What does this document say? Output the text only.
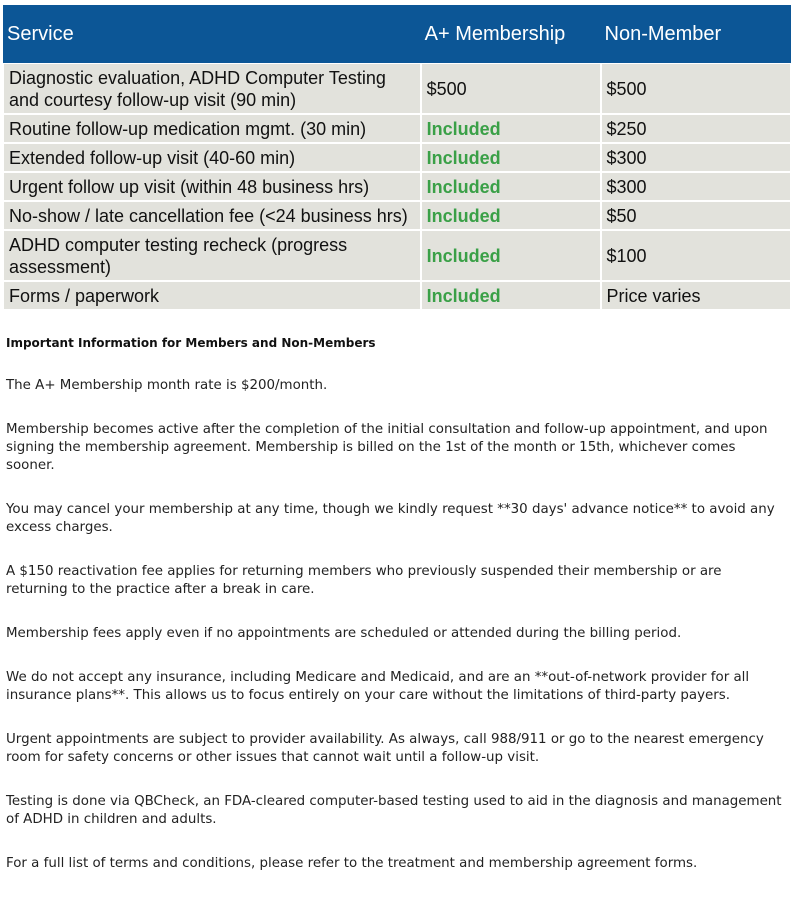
Service	A+ Membership	Non-Member
Diagnostic evaluation, ADHD Computer Testing and courtesy follow-up visit (90 min)	$500	$500
Routine follow-up medication mgmt. (30 min)	Included	$250
Extended follow-up visit (40-60 min)	Included	$300
Urgent follow up visit (within 48 business hrs)	Included	$300
No-show / late cancellation fee (<24 business hrs)	Included	$50
ADHD computer testing recheck (progress assessment)	Included	$100
Forms / paperwork	Included	Price varies
Important Information for Members and Non-Members

The A+ Membership month rate is $200/month.

Membership becomes active after the completion of the initial consultation and follow-up appointment, and upon signing the membership agreement. Membership is billed on the 1st of the month or 15th, whichever comes sooner.

You may cancel your membership at any time, though we kindly request **30 days' advance notice** to avoid any excess charges.

A $150 reactivation fee applies for returning members who previously suspended their membership or are returning to the practice after a break in care.

Membership fees apply even if no appointments are scheduled or attended during the billing period.

We do not accept any insurance, including Medicare and Medicaid, and are an **out-of-network provider for all insurance plans**. This allows us to focus entirely on your care without the limitations of third-party payers.

Urgent appointments are subject to provider availability. As always, call 988/911 or go to the nearest emergency room for safety concerns or other issues that cannot wait until a follow-up visit.

Testing is done via QBCheck, an FDA-cleared computer-based testing used to aid in the diagnosis and management of ADHD in children and adults.

For a full list of terms and conditions, please refer to the treatment and membership agreement forms.
